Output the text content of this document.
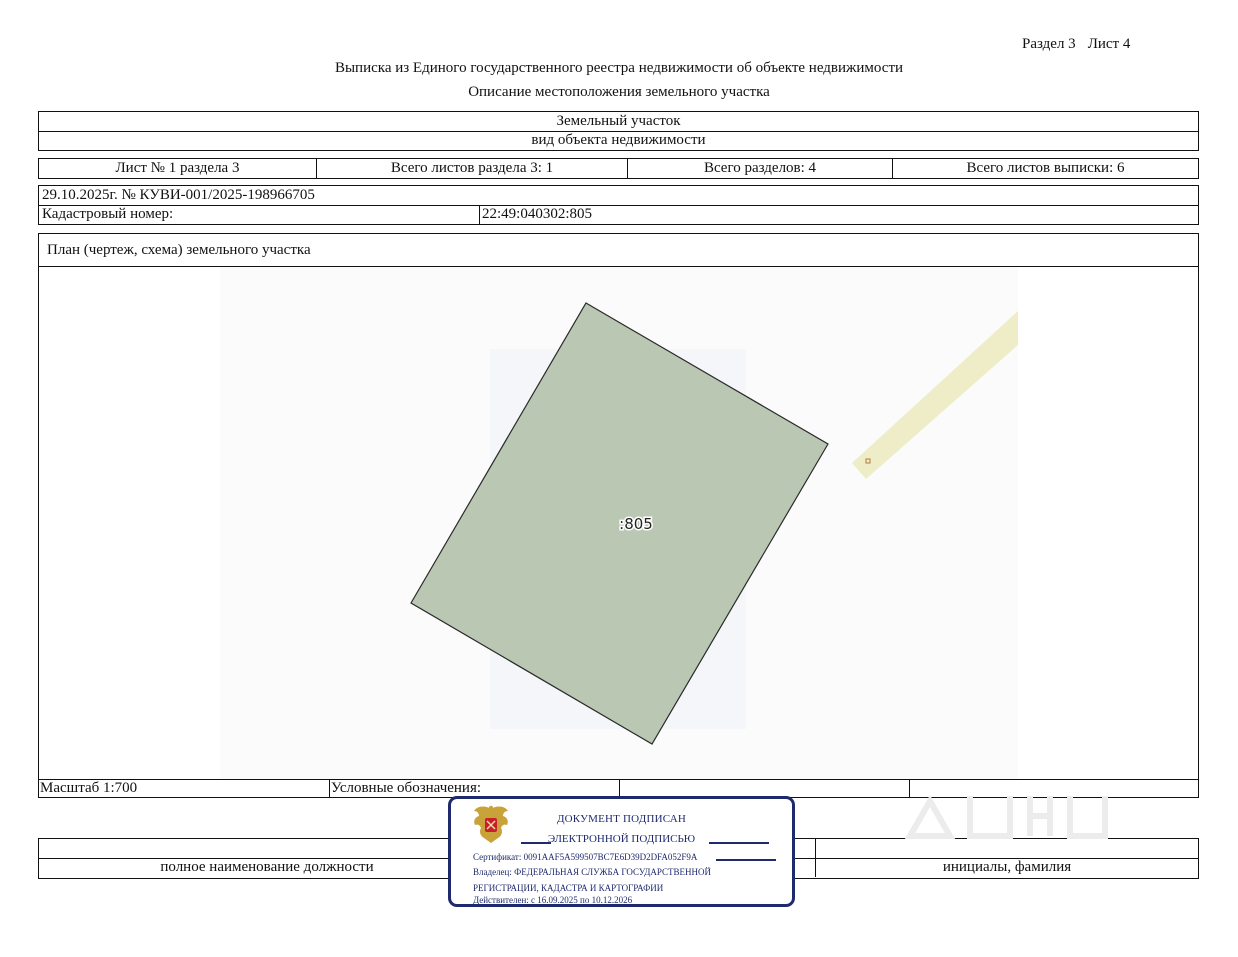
Раздел 3 Лист 4
Выписка из Единого государственного реестра недвижимости об объекте недвижимости
Описание местоположения земельного участка
Земельный участок
вид объекта недвижимости
Лист № 1 раздела 3	Всего листов раздела 3: 1	Всего разделов: 4	Всего листов выписки: 6
29.10.2025г. № КУВИ-001/2025-198966705
Кадастровый номер:	22:49:040302:805
План (чертеж, схема) земельного участка
:805
Масштаб 1:700	Условные обозначения:
полное наименование должности	инициалы, фамилия
ДОКУМЕНТ ПОДПИСАН
ЭЛЕКТРОННОЙ ПОДПИСЬЮ
Сертификат: 0091AAF5A599507BC7E6D39D2DFA052F9A
Владелец: ФЕДЕРАЛЬНАЯ СЛУЖБА ГОСУДАРСТВЕННОЙ
РЕГИСТРАЦИИ, КАДАСТРА И КАРТОГРАФИИ
Действителен: с 16.09.2025 по 10.12.2026
